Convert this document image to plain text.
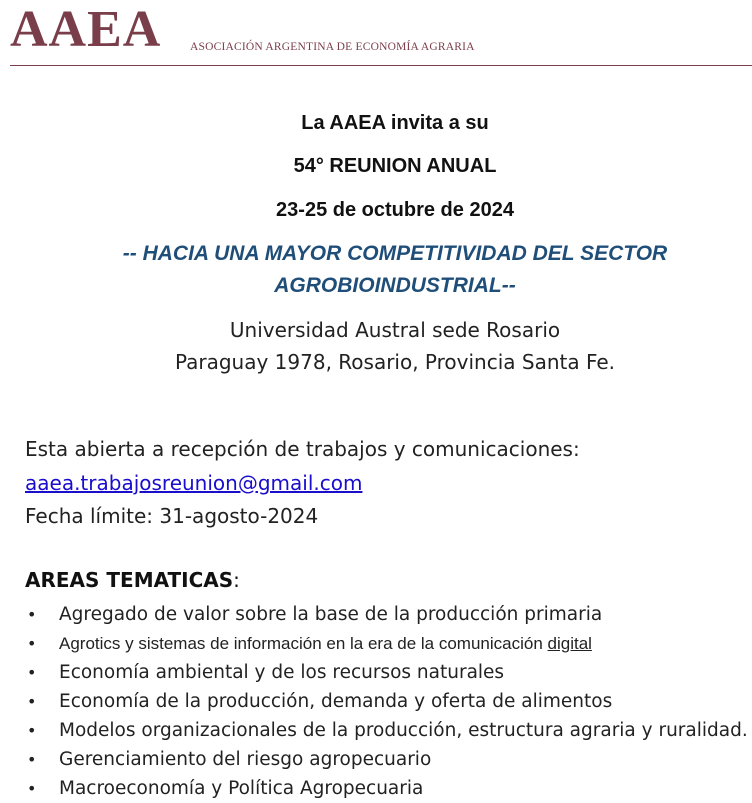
AAEA ASOCIACIÓN ARGENTINA DE ECONOMÍA AGRARIA
La AAEA invita a su
54° REUNION ANUAL
23-25 de octubre de 2024
-- HACIA UNA MAYOR COMPETITIVIDAD DEL SECTOR
AGROBIOINDUSTRIAL--
Universidad Austral sede Rosario
Paraguay 1978, Rosario, Provincia Santa Fe.
Esta abierta a recepción de trabajos y comunicaciones:
aaea.trabajosreunion@gmail.com
Fecha límite: 31-agosto-2024
AREAS TEMATICAS:
• Agregado de valor sobre la base de la producción primaria
• Agrotics y sistemas de información en la era de la comunicación digital
• Economía ambiental y de los recursos naturales
• Economía de la producción, demanda y oferta de alimentos
• Modelos organizacionales de la producción, estructura agraria y ruralidad.
• Gerenciamiento del riesgo agropecuario
• Macroeconomía y Política Agropecuaria
